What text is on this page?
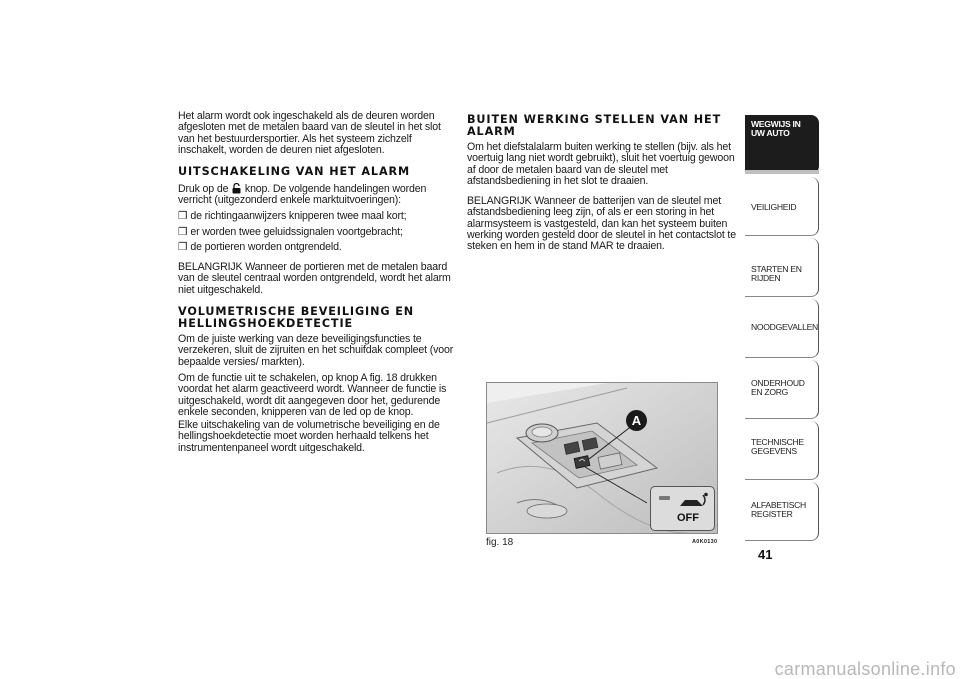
Het alarm wordt ook ingeschakeld als de deuren worden afgesloten met de metalen baard van de sleutel in het slot van het bestuurdersportier. Als het systeem zichzelf inschakelt, worden de deuren niet afgesloten.

UITSCHAKELING VAN HET ALARM

Druk op de knop. De volgende handelingen worden verricht (uitgezonderd enkele marktuitvoeringen):

❒ de richtingaanwijzers knipperen twee maal kort;

❒ er worden twee geluidssignalen voortgebracht;

❒ de portieren worden ontgrendeld.

BELANGRIJK Wanneer de portieren met de metalen baard van de sleutel centraal worden ontgrendeld, wordt het alarm niet uitgeschakeld.

VOLUMETRISCHE BEVEILIGING EN HELLINGSHOEKDETECTIE

Om de juiste werking van deze beveiligingsfuncties te verzekeren, sluit de zijruiten en het schuifdak compleet (voor bepaalde versies/ markten).

Om de functie uit te schakelen, op knop A fig. 18 drukken voordat het alarm geactiveerd wordt. Wanneer de functie is uitgeschakeld, wordt dit aangegeven door het, gedurende enkele seconden, knipperen van de led op de knop.

Elke uitschakeling van de volumetrische beveiliging en de hellingshoekdetectie moet worden herhaald telkens het instrumentenpaneel wordt uitgeschakeld.

BUITEN WERKING STELLEN VAN HET ALARM

Om het diefstalalarm buiten werking te stellen (bijv. als het voertuig lang niet wordt gebruikt), sluit het voertuig gewoon af door de metalen baard van de sleutel met afstandsbediening in het slot te draaien.

BELANGRIJK Wanneer de batterijen van de sleutel met afstandsbediening leeg zijn, of als er een storing in het alarmsysteem is vastgesteld, dan kan het systeem buiten werking worden gesteld door de sleutel in het contactslot te steken en hem in de stand MAR te draaien.

A
OFF
fig. 18	A0K0130
WEGWIJS IN UW AUTO
VEILIGHEID
STARTEN EN RIJDEN
NOODGEVALLEN
ONDERHOUD EN ZORG
TECHNISCHE GEGEVENS
ALFABETISCH REGISTER
41
carmanualsonline.info
